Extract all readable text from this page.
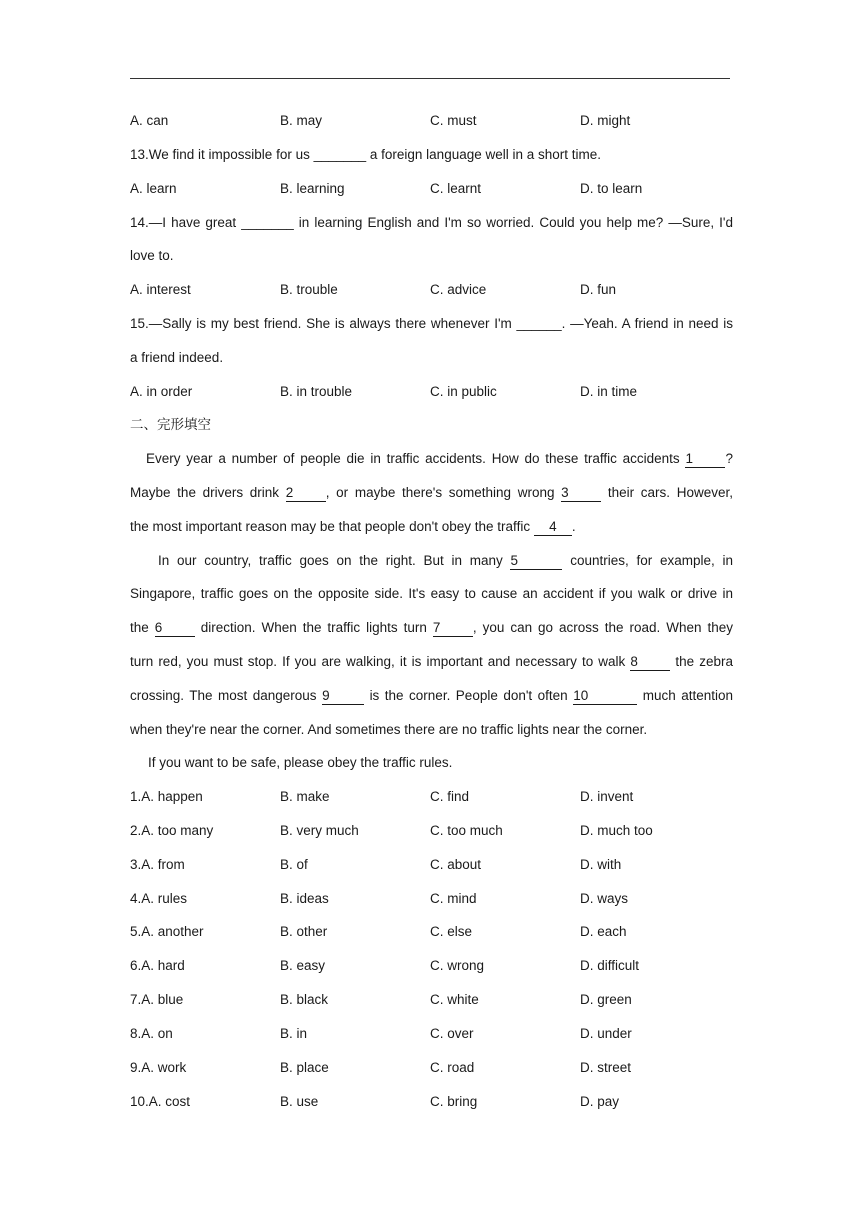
A. can	B. may	C. must	D. might
13.We find it impossible for us _______ a foreign language well in a short time.
A. learn	B. learning	C. learnt	D. to learn
14.—I have great _______ in learning English and I'm so worried. Could you help me? —Sure, I'd
love to.
A. interest	B. trouble	C. advice	D. fun
15.—Sally is my best friend. She is always there whenever I'm ______. —Yeah. A friend in need is
a friend indeed.
A. in order	B. in trouble	C. in public	D. in time
二、完形填空
Every year a number of people die in traffic accidents. How do these traffic accidents 1 ?
Maybe the drivers drink 2 , or maybe there's something wrong 3	their cars. However,
the most important reason may be that people don't obey the traffic 4 .
In our country, traffic goes on the right. But in many 5	countries, for example, in
Singapore, traffic goes on the opposite side. It's easy to cause an accident if you walk or drive in
the 6	direction. When the traffic lights turn 7 , you can go across the road. When they
turn red, you must stop. If you are walking, it is important and necessary to walk 8	the zebra
crossing. The most dangerous 9	is the corner. People don't often 10	much attention
when they're near the corner. And sometimes there are no traffic lights near the corner.
If you want to be safe, please obey the traffic rules.
1.A. happen	B. make	C. find	D. invent
2.A. too many	B. very much	C. too much	D. much too
3.A. from	B. of	C. about	D. with
4.A. rules	B. ideas	C. mind	D. ways
5.A. another	B. other	C. else	D. each
6.A. hard	B. easy	C. wrong	D. difficult
7.A. blue	B. black	C. white	D. green
8.A. on	B. in	C. over	D. under
9.A. work	B. place	C. road	D. street
10.A. cost	B. use	C. bring	D. pay
